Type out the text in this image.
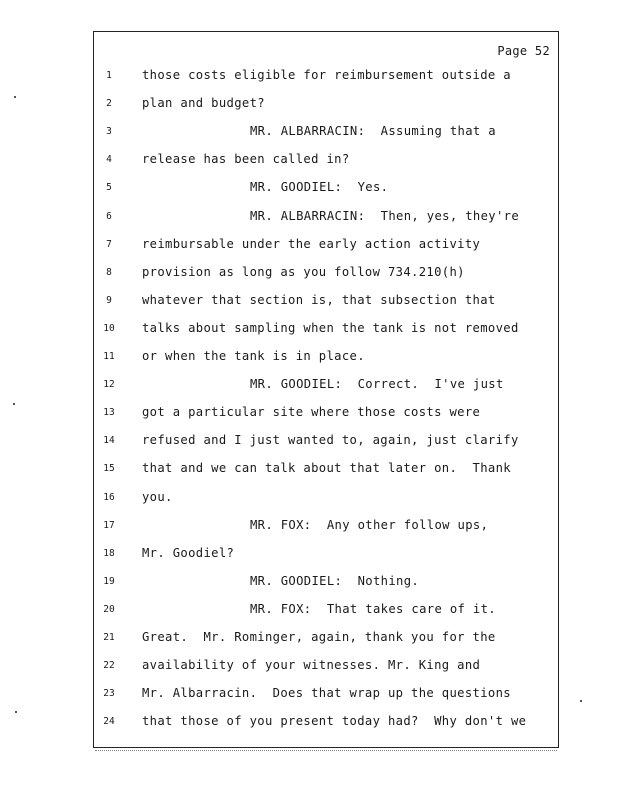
Page 52
1	those costs eligible for reimbursement outside a
2	plan and budget?
3	MR. ALBARRACIN:  Assuming that a
4	release has been called in?
5	MR. GOODIEL:  Yes.
6	MR. ALBARRACIN:  Then, yes, they're
7	reimbursable under the early action activity
8	provision as long as you follow 734.210(h)
9	whatever that section is, that subsection that
10 talks about sampling when the tank is not removed
11 or when the tank is in place.
12	MR. GOODIEL:  Correct.  I've just
13 got a particular site where those costs were
14 refused and I just wanted to, again, just clarify
15 that and we can talk about that later on.  Thank
16 you.
17	MR. FOX:  Any other follow ups,
18 Mr. Goodiel?
19	MR. GOODIEL:  Nothing.
20	MR. FOX:  That takes care of it.
21 Great.  Mr. Rominger, again, thank you for the
22 availability of your witnesses. Mr. King and
23 Mr. Albarracin.  Does that wrap up the questions
24 that those of you present today had?  Why don't we
